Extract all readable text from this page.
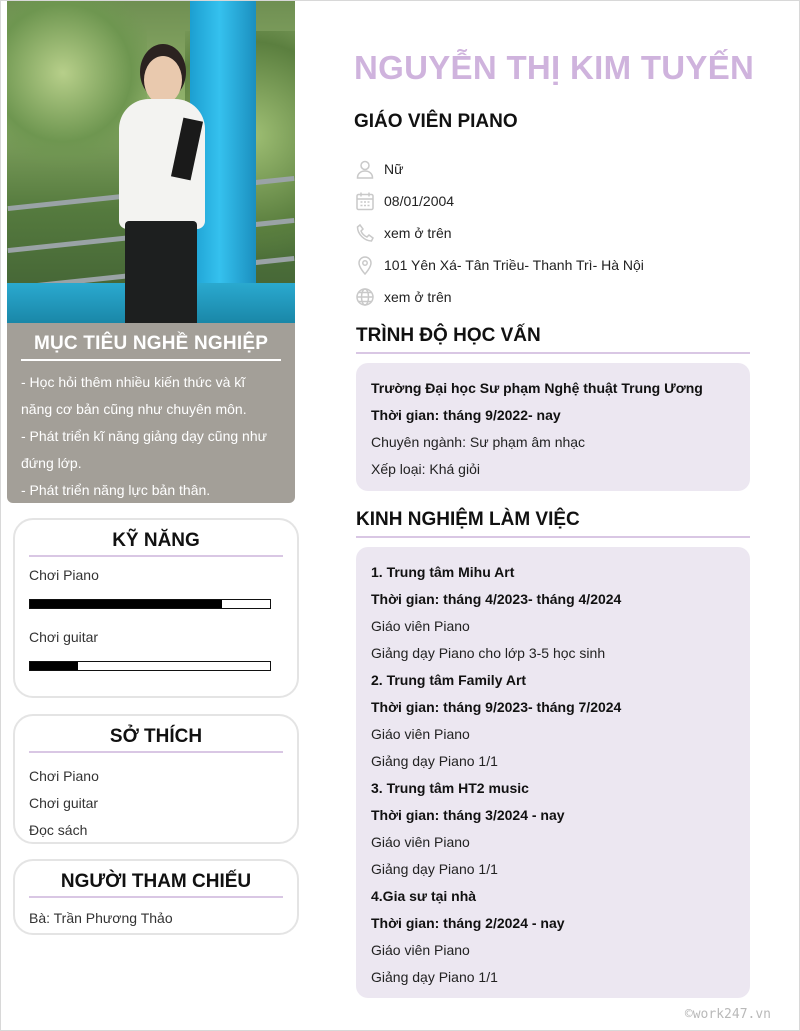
MỤC TIÊU NGHỀ NGHIỆP
- Học hỏi thêm nhiều kiến thức và kĩ
năng cơ bản cũng như chuyên môn.
- Phát triển kĩ năng giảng dạy cũng như
đứng lớp.
- Phát triển năng lực bản thân.
KỸ NĂNG
Chơi Piano
Chơi guitar
SỞ THÍCH
Chơi Piano
Chơi guitar
Đọc sách
NGƯỜI THAM CHIẾU
Bà: Trần Phương Thảo
NGUYỄN THỊ KIM TUYẾN
GIÁO VIÊN PIANO
Nữ
08/01/2004
xem ở trên
101 Yên Xá- Tân Triều- Thanh Trì- Hà Nội
xem ở trên
TRÌNH ĐỘ HỌC VẤN
Trường Đại học Sư phạm Nghệ thuật Trung Ương
Thời gian: tháng 9/2022- nay
Chuyên ngành: Sư phạm âm nhạc
Xếp loại: Khá giỏi
KINH NGHIỆM LÀM VIỆC
1. Trung tâm Mihu Art
Thời gian: tháng 4/2023- tháng 4/2024
Giáo viên Piano
Giảng dạy Piano cho lớp 3-5 học sinh
2. Trung tâm Family Art
Thời gian: tháng 9/2023- tháng 7/2024
Giáo viên Piano
Giảng dạy Piano 1/1
3. Trung tâm HT2 music
Thời gian: tháng 3/2024 - nay
Giáo viên Piano
Giảng dạy Piano 1/1
4.Gia sư tại nhà
Thời gian: tháng 2/2024 - nay
Giáo viên Piano
Giảng dạy Piano 1/1
©work247.vn
